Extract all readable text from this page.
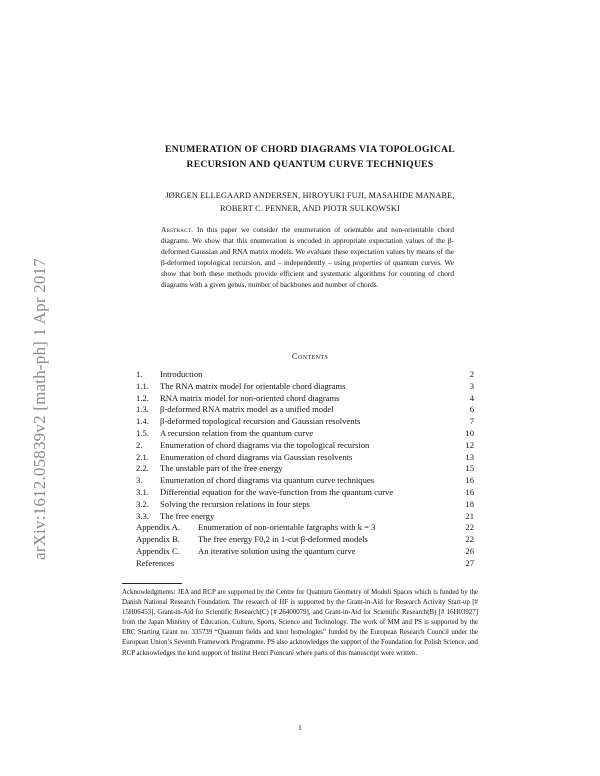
arXiv:1612.05839v2 [math-ph] 1 Apr 2017
ENUMERATION OF CHORD DIAGRAMS VIA TOPOLOGICAL
RECURSION AND QUANTUM CURVE TECHNIQUES
JØRGEN ELLEGAARD ANDERSEN, HIROYUKI FUJI, MASAHIDE MANABE,
ROBERT C. PENNER, AND PIOTR SULKOWSKI
Abstract. In this paper we consider the enumeration of orientable and non-orientable chord diagrams. We show that this enumeration is encoded in appropriate expectation values of the β-deformed Gaussian and RNA matrix models. We evaluate these expectation values by means of the β-deformed topological recursion, and – independently – using properties of quantum curves. We show that both these methods provide efficient and systematic algorithms for counting of chord diagrams with a given genus, number of backbones and number of chords.
Contents
1. Introduction	2
1.1. The RNA matrix model for orientable chord diagrams	3
1.2. RNA matrix model for non-oriented chord diagrams	4
1.3. β-deformed RNA matrix model as a unified model	6
1.4. β-deformed topological recursion and Gaussian resolvents	7
1.5. A recursion relation from the quantum curve	10
2. Enumeration of chord diagrams via the topological recursion	12
2.1. Enumeration of chord diagrams via Gaussian resolvents	13
2.2. The unstable part of the free energy	15
3. Enumeration of chord diagrams via quantum curve techniques	16
3.1. Differential equation for the wave-function from the quantum curve	16
3.2. Solving the recursion relations in four steps	18
3.3. The free energy	21
Appendix A. Enumeration of non-orientable fatgraphs with k = 3	22
Appendix B. The free energy F0,2 in 1-cut β-deformed models	22
Appendix C. An iterative solution using the quantum curve	26
References	27
Acknowledgments: JEA and RCP are supported by the Centre for Quantum Geometry of Moduli Spaces which is funded by the Danish National Research Foundation. The research of HF is supported by the Grant-in-Aid for Research Activity Start-up [# 15H06453], Grant-in-Aid for Scientific Research(C) [# 26400079], and Grant-in-Aid for Scientific Research(B) [# 16H03927] from the Japan Ministry of Education, Culture, Sports, Science and Technology. The work of MM and PS is supported by the ERC Starting Grant no. 335739 “Quantum fields and knot homologies” funded by the European Research Council under the European Union’s Seventh Framework Programme. PS also acknowledges the support of the Foundation for Polish Science, and RCP acknowledges the kind support of Institut Henri Poincaré where parts of this manuscript were written.
1
